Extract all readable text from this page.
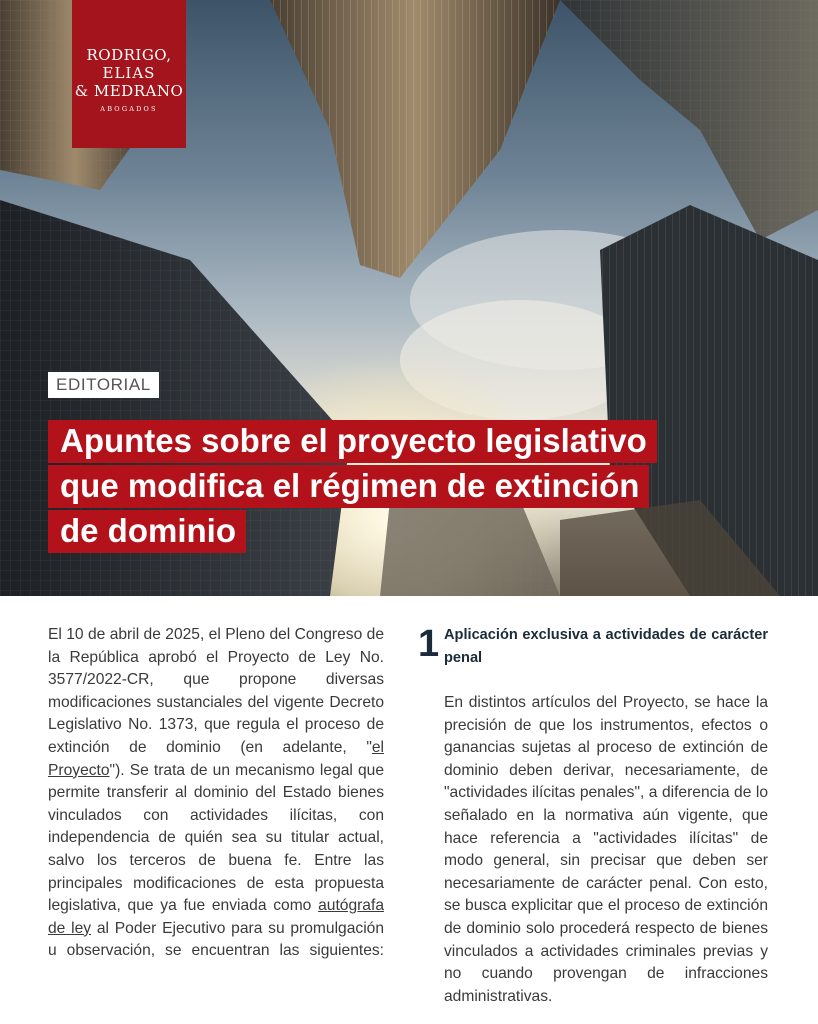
RODRIGO,
ELIAS
& MEDRANO
ABOGADOS
EDITORIAL
Apuntes sobre el proyecto legislativo
que modifica el régimen de extinción
de dominio

El 10 de abril de 2025, el Pleno del Congreso de la República aprobó el Proyecto de Ley No. 3577/2022-CR, que propone diversas modificaciones sustanciales del vigente Decreto Legislativo No. 1373, que regula el proceso de extinción de dominio (en adelante, "el Proyecto"). Se trata de un mecanismo legal que permite transferir al dominio del Estado bienes vinculados con actividades ilícitas, con independencia de quién sea su titular actual, salvo los terceros de buena fe. Entre las principales modificaciones de esta propuesta legislativa, que ya fue enviada como autógrafa de ley al Poder Ejecutivo para su promulgación u observación, se encuentran las siguientes:

1 Aplicación exclusiva a actividades de carácter penal

En distintos artículos del Proyecto, se hace la precisión de que los instrumentos, efectos o ganancias sujetas al proceso de extinción de dominio deben derivar, necesariamente, de "actividades ilícitas penales", a diferencia de lo señalado en la normativa aún vigente, que hace referencia a "actividades ilícitas" de modo general, sin precisar que deben ser necesariamente de carácter penal. Con esto, se busca explicitar que el proceso de extinción de dominio solo procederá respecto de bienes vinculados a actividades criminales previas y no cuando provengan de infracciones administrativas.
